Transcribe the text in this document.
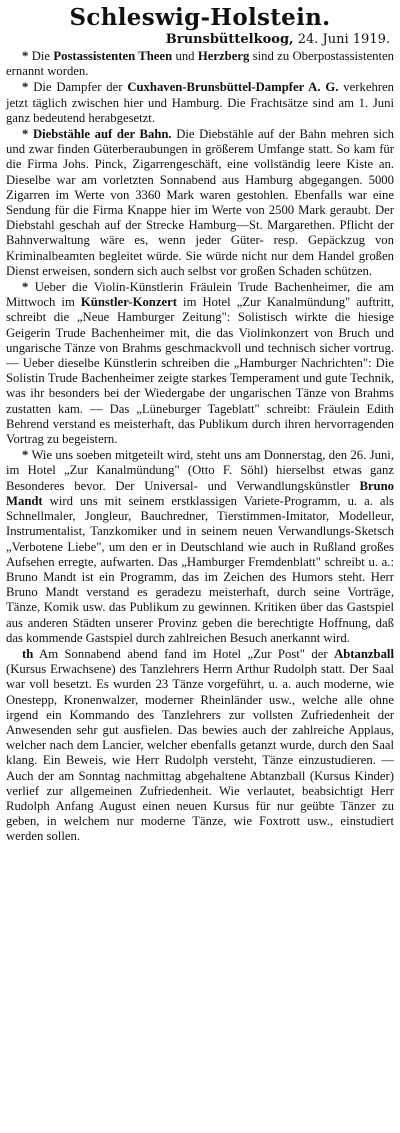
Schleswig-Holstein.
Brunsbüttelkoog, 24. Juni 1919.

* Die Postassistenten Theen und Herzberg sind zu Oberpostassistenten ernannt worden.

* Die Dampfer der Cuxhaven-Brunsbüttel-Dampfer A. G. verkehren jetzt täglich zwischen hier und Hamburg. Die Frachtsätze sind am 1. Juni ganz bedeutend herabgesetzt.

* Diebstähle auf der Bahn. Die Diebstähle auf der Bahn mehren sich und zwar finden Güterberaubungen in größerem Umfange statt. So kam für die Firma Johs. Pinck, Zigarrengeschäft, eine vollständig leere Kiste an. Dieselbe war am vorletzten Sonnabend aus Hamburg abgegangen. 5000 Zigarren im Werte von 3360 Mark waren gestohlen. Ebenfalls war eine Sendung für die Firma Knappe hier im Werte von 2500 Mark geraubt. Der Diebstahl geschah auf der Strecke Hamburg—St. Margarethen. Pflicht der Bahnverwaltung wäre es, wenn jeder Güter- resp. Gepäckzug von Kriminalbeamten begleitet würde. Sie würde nicht nur dem Handel großen Dienst erweisen, sondern sich auch selbst vor großen Schaden schützen.

* Ueber die Violin-Künstlerin Fräulein Trude Bachenheimer, die am Mittwoch im Künstler-Konzert im Hotel „Zur Kanalmündung" auftritt, schreibt die „Neue Hamburger Zeitung": Solistisch wirkte die hiesige Geigerin Trude Bachenheimer mit, die das Violinkonzert von Bruch und ungarische Tänze von Brahms geschmackvoll und technisch sicher vortrug. — Ueber dieselbe Künstlerin schreiben die „Hamburger Nachrichten": Die Solistin Trude Bachenheimer zeigte starkes Temperament und gute Technik, was ihr besonders bei der Wiedergabe der ungarischen Tänze von Brahms zustatten kam. — Das „Lüneburger Tageblatt" schreibt: Fräulein Edith Behrend verstand es meisterhaft, das Publikum durch ihren hervorragenden Vortrag zu begeistern.

* Wie uns soeben mitgeteilt wird, steht uns am Donnerstag, den 26. Juni, im Hotel „Zur Kanalmündung" (Otto F. Söhl) hierselbst etwas ganz Besonderes bevor. Der Universal- und Verwandlungskünstler Bruno Mandt wird uns mit seinem erstklassigen Variete-Programm, u. a. als Schnellmaler, Jongleur, Bauchredner, Tierstimmen-Imitator, Modelleur, Instrumentalist, Tanzkomiker und in seinem neuen Verwandlungs-Sketsch „Verbotene Liebe", um den er in Deutschland wie auch in Rußland großes Aufsehen erregte, aufwarten. Das „Hamburger Fremdenblatt" schreibt u. a.: Bruno Mandt ist ein Programm, das im Zeichen des Humors steht. Herr Bruno Mandt verstand es geradezu meisterhaft, durch seine Vorträge, Tänze, Komik usw. das Publikum zu gewinnen. Kritiken über das Gastspiel aus anderen Städten unserer Provinz geben die berechtigte Hoffnung, daß das kommende Gastspiel durch zahlreichen Besuch anerkannt wird.

th Am Sonnabend abend fand im Hotel „Zur Post" der Abtanzball (Kursus Erwachsene) des Tanzlehrers Herrn Arthur Rudolph statt. Der Saal war voll besetzt. Es wurden 23 Tänze vorgeführt, u. a. auch moderne, wie Onestepp, Kronenwalzer, moderner Rheinländer usw., welche alle ohne irgend ein Kommando des Tanzlehrers zur vollsten Zufriedenheit der Anwesenden sehr gut ausfielen. Das bewies auch der zahlreiche Applaus, welcher nach dem Lancier, welcher ebenfalls getanzt wurde, durch den Saal klang. Ein Beweis, wie Herr Rudolph versteht, Tänze einzustudieren. — Auch der am Sonntag nachmittag abgehaltene Abtanzball (Kursus Kinder) verlief zur allgemeinen Zufriedenheit. Wie verlautet, beabsichtigt Herr Rudolph Anfang August einen neuen Kursus für nur geübte Tänzer zu geben, in welchem nur moderne Tänze, wie Foxtrott usw., einstudiert werden sollen.
